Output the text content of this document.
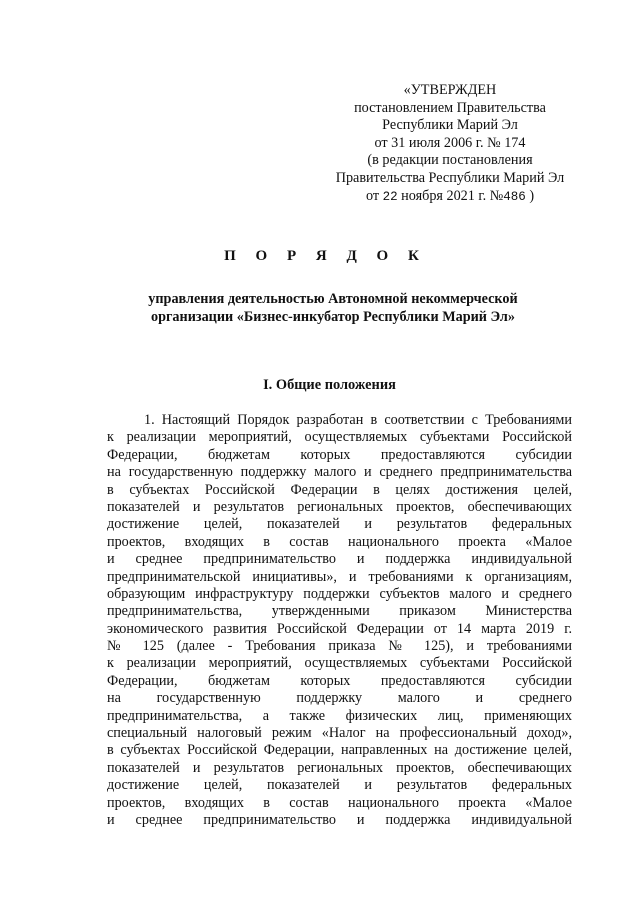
«УТВЕРЖДЕН
постановлением Правительства
Республики Марий Эл
от 31 июля 2006 г. № 174
(в редакции постановления
Правительства Республики Марий Эл
от 22 ноября 2021 г. №486 )
П О Р Я Д О К
управления деятельностью Автономной некоммерческой
организации «Бизнес-инкубатор Республики Марий Эл»
I. Общие положения
1. Настоящий Порядок разработан в соответствии с Требованиями
к реализации мероприятий, осуществляемых субъектами Российской
Федерации, бюджетам которых предоставляются субсидии
на государственную поддержку малого и среднего предпринимательства
в субъектах Российской Федерации в целях достижения целей,
показателей и результатов региональных проектов, обеспечивающих
достижение целей, показателей и результатов федеральных
проектов, входящих в состав национального проекта «Малое
и среднее предпринимательство и поддержка индивидуальной
предпринимательской инициативы», и требованиями к организациям,
образующим инфраструктуру поддержки субъектов малого и среднего
предпринимательства, утвержденными приказом Министерства
экономического развития Российской Федерации от 14 марта 2019 г.
№ 125 (далее - Требования приказа № 125), и требованиями
к реализации мероприятий, осуществляемых субъектами Российской
Федерации, бюджетам которых предоставляются субсидии
на государственную поддержку малого и среднего
предпринимательства, а также физических лиц, применяющих
специальный налоговый режим «Налог на профессиональный доход»,
в субъектах Российской Федерации, направленных на достижение целей,
показателей и результатов региональных проектов, обеспечивающих
достижение целей, показателей и результатов федеральных
проектов, входящих в состав национального проекта «Малое
и среднее предпринимательство и поддержка индивидуальной
